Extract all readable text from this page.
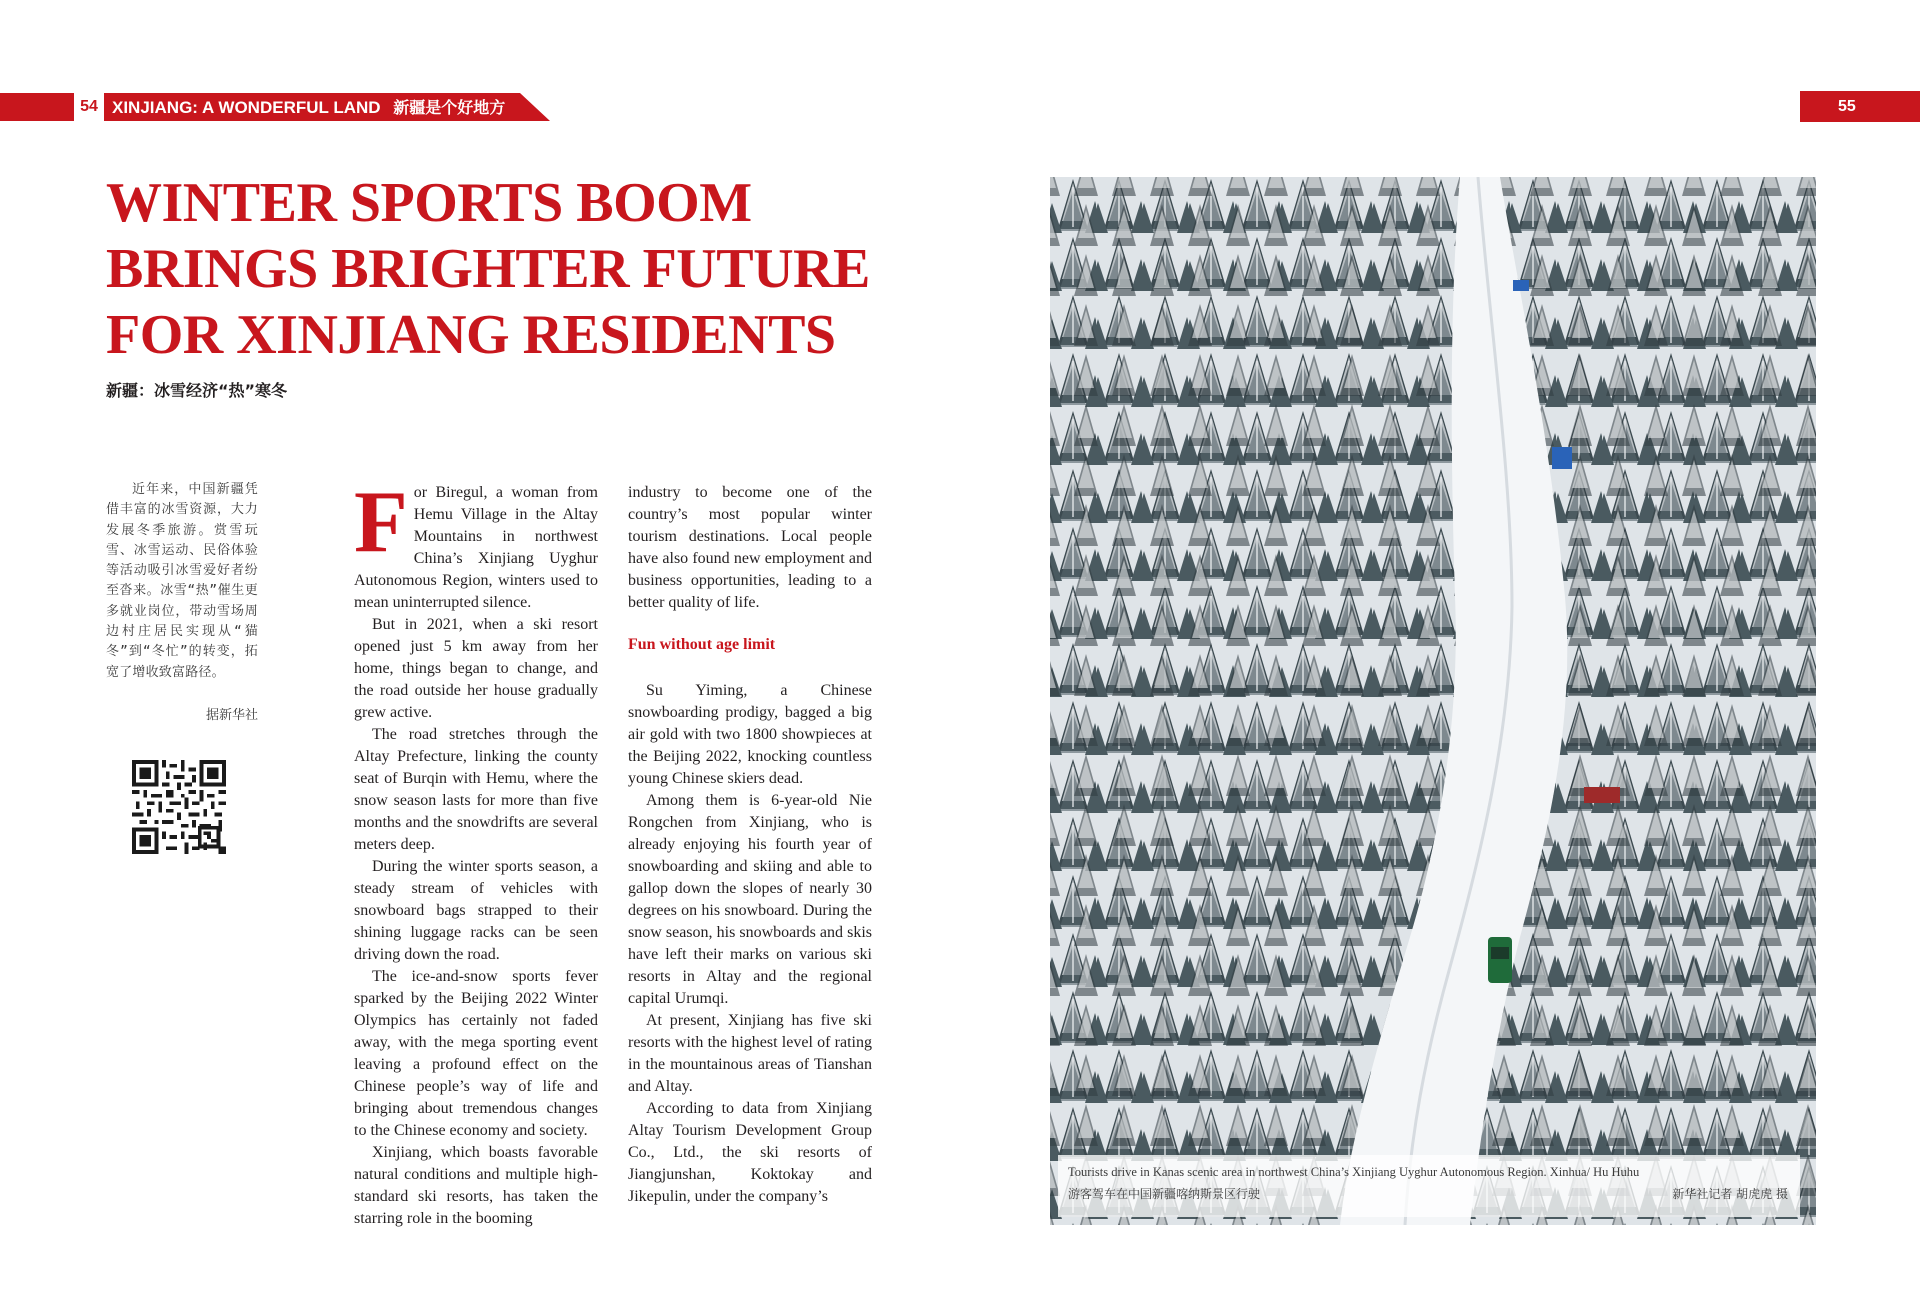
54 XINJIANG: A WONDERFUL LAND 新疆是个好地方	55
WINTER SPORTS BOOM
BRINGS BRIGHTER FUTURE
FOR XINJIANG RESIDENTS
新疆：冰雪经济“热”寒冬

近年来，中国新疆凭借丰富的冰雪资源，大力发展冬季旅游。赏雪玩雪、冰雪运动、民俗体验等活动吸引冰雪爱好者纷至沓来。冰雪“热”催生更多就业岗位，带动雪场周边村庄居民实现从“猫冬”到“冬忙”的转变，拓宽了增收致富路径。

据新华社

For Biregul, a woman from Hemu Village in the Altay Mountains in northwest China’s Xinjiang Uyghur Autonomous Region, winters used to mean uninterrupted silence.

But in 2021, when a ski resort opened just 5 km away from her home, things began to change, and the road outside her house gradually grew active.

The road stretches through the Altay Prefecture, linking the county seat of Burqin with Hemu, where the snow season lasts for more than five months and the snowdrifts are several meters deep.

During the winter sports season, a steady stream of vehicles with snowboard bags strapped to their shining luggage racks can be seen driving down the road.

The ice-and-snow sports fever sparked by the Beijing 2022 Winter Olympics has certainly not faded away, with the mega sporting event leaving a profound effect on the Chinese people’s way of life and bringing about tremendous changes to the Chinese economy and society.

Xinjiang, which boasts favorable natural conditions and multiple high-standard ski resorts, has taken the starring role in the booming

industry to become one of the country’s most popular winter tourism destinations. Local people have also found new employment and business opportunities, leading to a better quality of life.

Fun without age limit

Su Yiming, a Chinese snowboarding prodigy, bagged a big air gold with two 1800 showpieces at the Beijing 2022, knocking countless young Chinese skiers dead.

Among them is 6-year-old Nie Rongchen from Xinjiang, who is already enjoying his fourth year of snowboarding and skiing and able to gallop down the slopes of nearly 30 degrees on his snowboard. During the snow season, his snowboards and skis have left their marks on various ski resorts in Altay and the regional capital Urumqi.

At present, Xinjiang has five ski resorts with the highest level of rating in the mountainous areas of Tianshan and Altay.

According to data from Xinjiang Altay Tourism Development Group Co., Ltd., the ski resorts of Jiangjunshan, Koktokay and Jikepulin, under the company’s

Tourists drive in Kanas scenic area in northwest China’s Xinjiang Uyghur Autonomous Region. Xinhua/ Hu Huhu
游客驾车在中国新疆喀纳斯景区行驶	新华社记者 胡虎虎 摄
